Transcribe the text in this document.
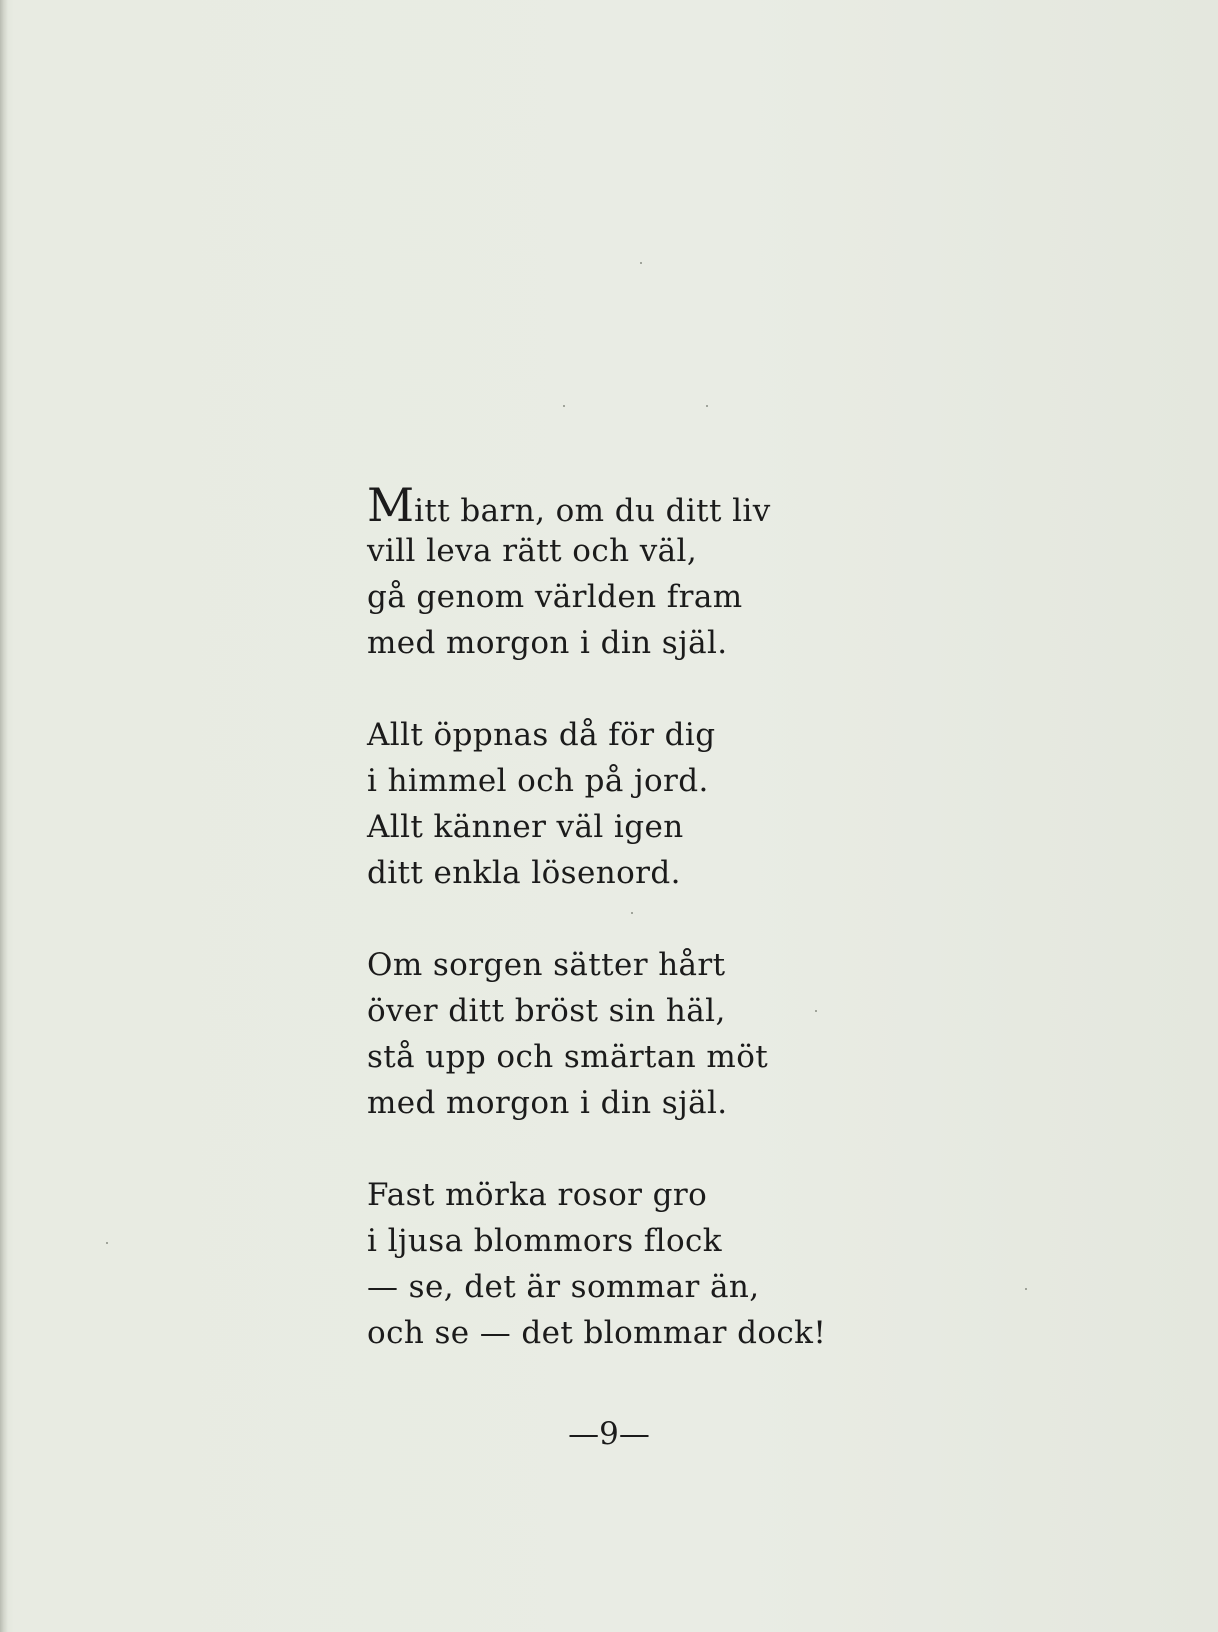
Mitt barn, om du ditt liv
vill leva rätt och väl,
gå genom världen fram
med morgon i din själ.
Allt öppnas då för dig
i himmel och på jord.
Allt känner väl igen
ditt enkla lösenord.
Om sorgen sätter hårt
över ditt bröst sin häl,
stå upp och smärtan möt
med morgon i din själ.
Fast mörka rosor gro
i ljusa blommors flock
— se, det är sommar än,
och se — det blommar dock!
—9—
